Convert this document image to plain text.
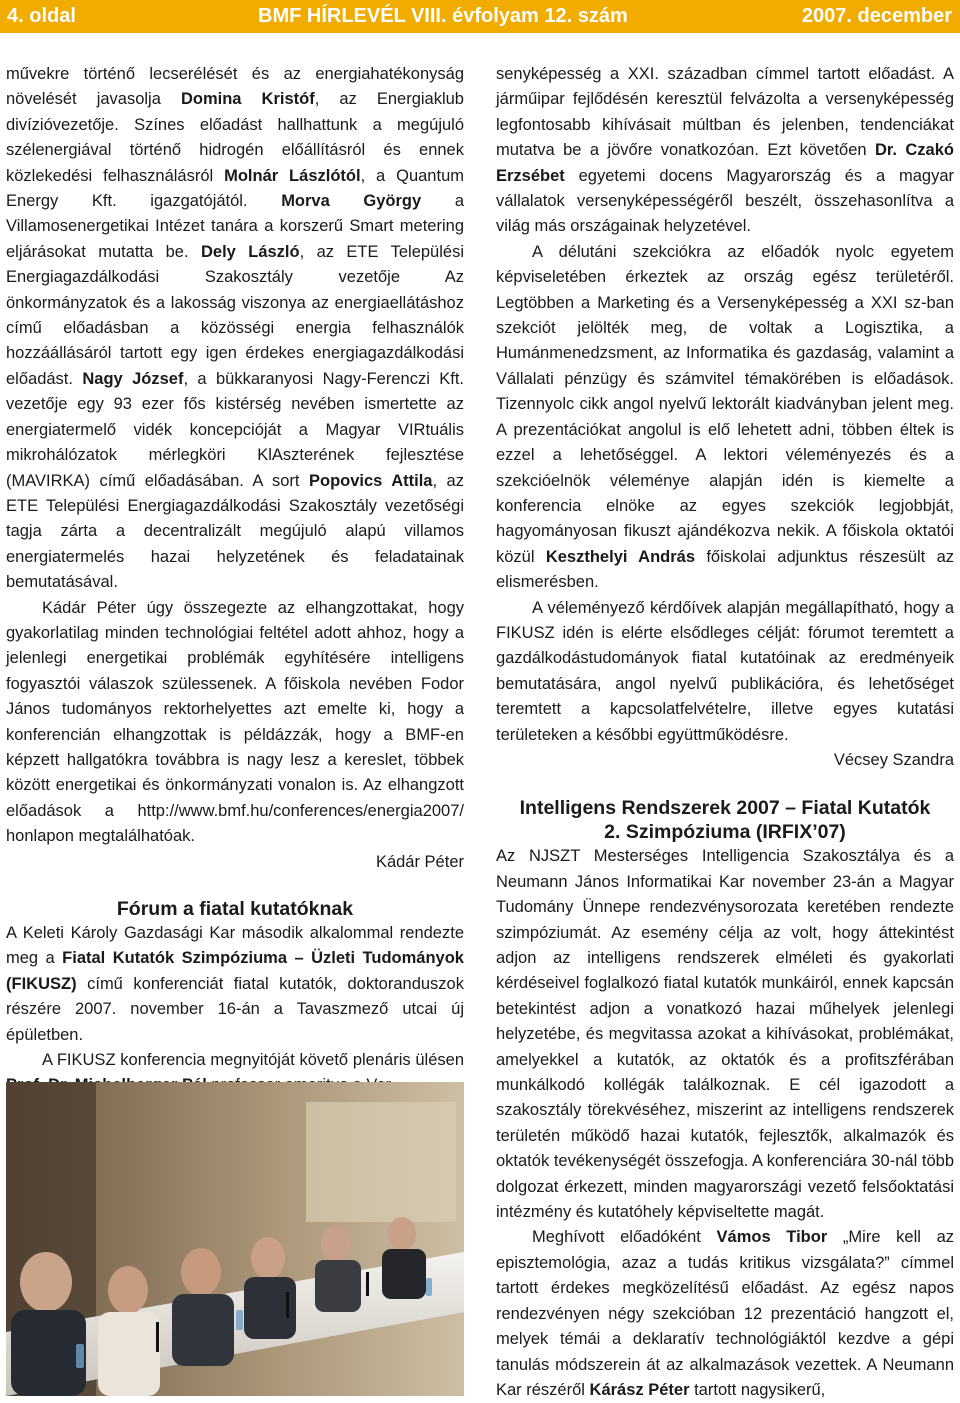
4. oldal	BMF HÍRLEVÉL VIII. évfolyam 12. szám	2007. december

művekre történő lecserélését és az energiahatékonyság növelését javasolja Domina Kristóf, az Energiaklub divízióvezetője. Színes előadást hallhattunk a megújuló szélenergiával történő hidrogén előállításról és ennek közlekedési felhasználásról Molnár Lászlótól, a Quantum Energy Kft. igazgatójától. Morva György a Villamosenergetikai Intézet tanára a korszerű Smart metering eljárásokat mutatta be. Dely László, az ETE Települési Energiagazdálkodási Szakosztály vezetője Az önkormányzatok és a lakosság viszonya az energiaellátáshoz című előadásban a közösségi energia felhasználók hozzáállásáról tartott egy igen érdekes energiagazdálkodási előadást. Nagy József, a bükkaranyosi Nagy-Ferenczi Kft. vezetője egy 93 ezer fős kistérség nevében ismertette az energiatermelő vidék koncepcióját a Magyar VIRtuális mikrohálózatok mérlegköri KlAszterének fejlesztése (MAVIRKA) című előadásában. A sort Popovics Attila, az ETE Települési Energiagazdálkodási Szakosztály vezetőségi tagja zárta a decentralizált megújuló alapú villamos energiatermelés hazai helyzetének és feladatainak bemutatásával.

Kádár Péter úgy összegezte az elhangzottakat, hogy gyakorlatilag minden technológiai feltétel adott ahhoz, hogy a jelenlegi energetikai problémák egyhítésére intelligens fogyasztói válaszok szülessenek. A főiskola nevében Fodor János tudományos rektorhelyettes azt emelte ki, hogy a konferencián elhangzottak is példázzák, hogy a BMF-en képzett hallgatókra továbbra is nagy lesz a kereslet, többek között energetikai és önkormányzati vonalon is. Az elhangzott előadások a http://www.bmf.hu/conferences/energia2007/ honlapon megtalálhatóak.

Kádár Péter

Fórum a fiatal kutatóknak

A Keleti Károly Gazdasági Kar második alkalommal rendezte meg a Fiatal Kutatók Szimpóziuma – Üzleti Tudományok (FIKUSZ) című konferenciát fiatal kutatók, doktoranduszok részére 2007. november 16-án a Tavaszmező utcai új épületben.

A FIKUSZ konferencia megnyitóját követő plenáris ülésen

senyképesség a XXI. században címmel tartott előadást. A járműipar fejlődésén keresztül felvázolta a versenyképesség legfontosabb kihívásait múltban és jelenben, tendenciákat mutatva be a jövőre vonatkozóan. Ezt követően Dr. Czakó Erzsébet egyetemi docens Magyarország és a magyar vállalatok versenyképességéről beszélt, összehasonlítva a világ más országainak helyzetével.

A délutáni szekciókra az előadók nyolc egyetem képviseletében érkeztek az ország egész területéről. Legtöbben a Marketing és a Versenyképesség a XXI sz-ban szekciót jelölték meg, de voltak a Logisztika, a Humánmenedzsment, az Informatika és gazdaság, valamint a Vállalati pénzügy és számvitel témakörében is előadások. Tizennyolc cikk angol nyelvű lektorált kiadványban jelent meg. A prezentációkat angolul is elő lehetett adni, többen éltek is ezzel a lehetőséggel. A lektori véleményezés és a szekcióelnök véleménye alapján idén is kiemelte a konferencia elnöke az egyes szekciók legjobbját, hagyományosan fikuszt ajándékozva nekik. A főiskola oktatói közül Keszthelyi András főiskolai adjunktus részesült az elismerésben.

A véleményező kérdőívek alapján megállapítható, hogy a FIKUSZ idén is elérte elsődleges célját: fórumot teremtett a gazdálkodástudományok fiatal kutatóinak az eredményeik bemutatására, angol nyelvű publikációra, és lehetőséget teremtett a kapcsolatfelvételre, illetve egyes kutatási területeken a későbbi együttműködésre.

Vécsey Szandra

Intelligens Rendszerek 2007 – Fiatal Kutatók
2. Szimpóziuma (IRFIX’07)

Az NJSZT Mesterséges Intelligencia Szakosztálya és a Neumann János Informatikai Kar november 23-án a Magyar Tudomány Ünnepe rendezvénysorozata keretében rendezte szimpóziumát. Az esemény célja az volt, hogy áttekintést adjon az intelligens rendszerek elméleti és gyakorlati kérdéseivel foglalkozó fiatal kutatók munkáiról, ennek kapcsán betekintést adjon a vonatkozó hazai műhelyek jelenlegi helyzetébe, és megvitassa azokat a kihívásokat, problémákat, amelyekkel a kutatók, az oktatók és a profitszférában munkálkodó kollégák találkoznak. E cél igazodott a szakosztály törekvéséhez, miszerint az intelligens rendszerek területén működő hazai kutatók, fejlesztők, alkalmazók és oktatók tevékenységét összefogja. A konferenciára 30-nál több dolgozat érkezett, minden magyarországi vezető felsőoktatási intézmény és kutatóhely képviseltette magát.

Meghívott előadóként Vámos Tibor „Mire kell az episztemológia, azaz a tudás kritikus vizsgálata?” címmel tartott érdekes megközelítésű előadást. Az egész napos rendezvényen négy szekcióban 12 prezentáció hangzott el, melyek témái a deklaratív technológiáktól kezdve a gépi tanulás módszerein át az alkalmazások vezettek. A Neumann Kar részéről Kárász Péter tartott nagysikerű,
